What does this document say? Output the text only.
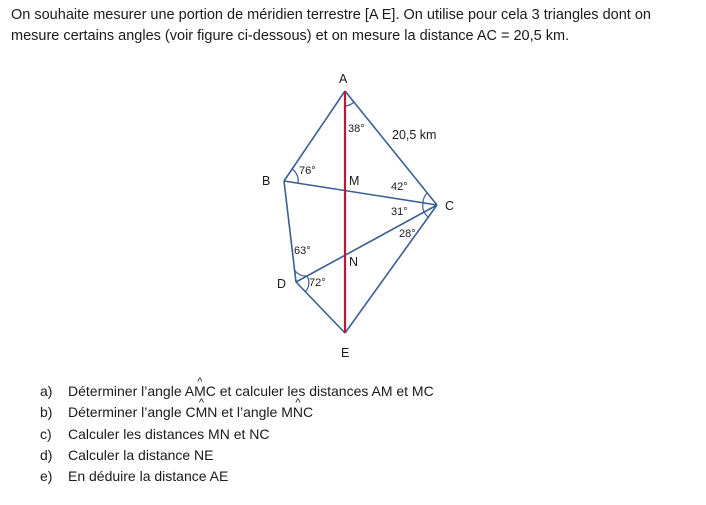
On souhaite mesurer une portion de méridien terrestre [A E]. On utilise pour cela 3 triangles dont on

mesure certains angles (voir figure ci-dessous) et on mesure la distance AC = 20,5 km.

A
B
C
D
E
M
N
38°
76°
42°
31°
28°
63°
72°
20,5 km
a)	Déterminer l’angle A^ MC et calculer les distances AM et MC
b)	Déterminer l’angle C^ MN et l’angle M^ NC
c)	Calculer les distances MN et NC
d)	Calculer la distance NE
e)	En déduire la distance AE
